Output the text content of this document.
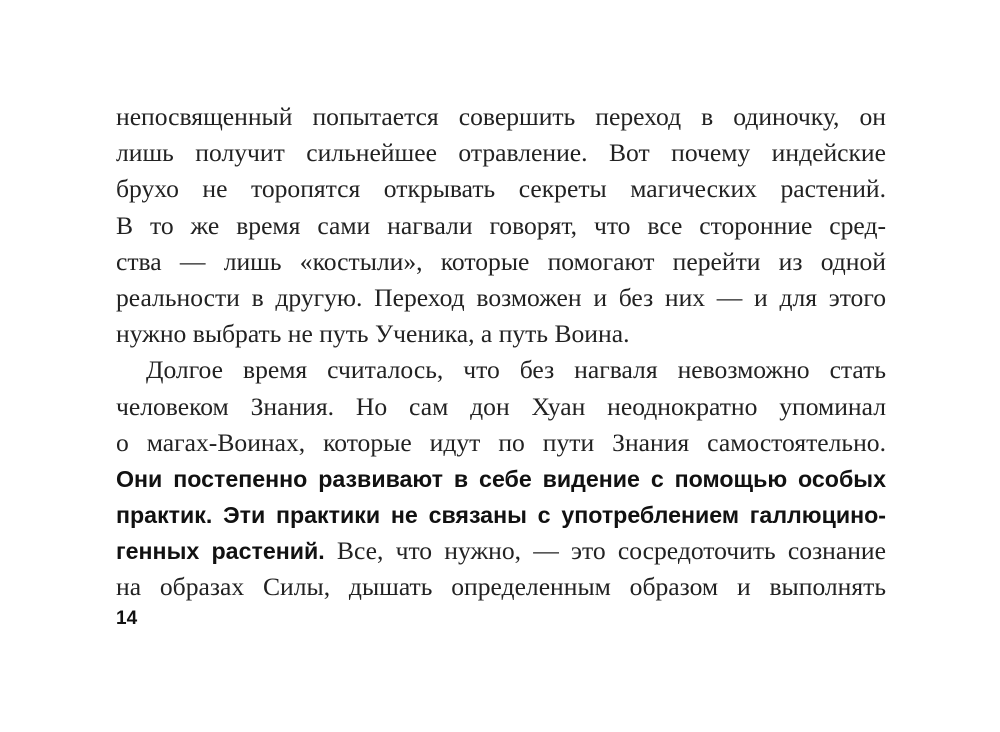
непосвященный попытается совершить переход в одиночку, он
лишь получит сильнейшее отравление. Вот почему индейские
брухо не торопятся открывать секреты магических растений.
В то же время сами нагвали говорят, что все сторонние сред-
ства — лишь «костыли», которые помогают перейти из одной
реальности в другую. Переход возможен и без них — и для этого
нужно выбрать не путь Ученика, а путь Воина.
Долгое время считалось, что без нагваля невозможно стать
человеком Знания. Но сам дон Хуан неоднократно упоминал
о магах-Воинах, которые идут по пути Знания самостоятельно.
Они постепенно развивают в себе видение с помощью особых
практик. Эти практики не связаны с употреблением галлюцино-
генных растений. Все, что нужно, — это сосредоточить сознание
на образах Силы, дышать определенным образом и выполнять
14
